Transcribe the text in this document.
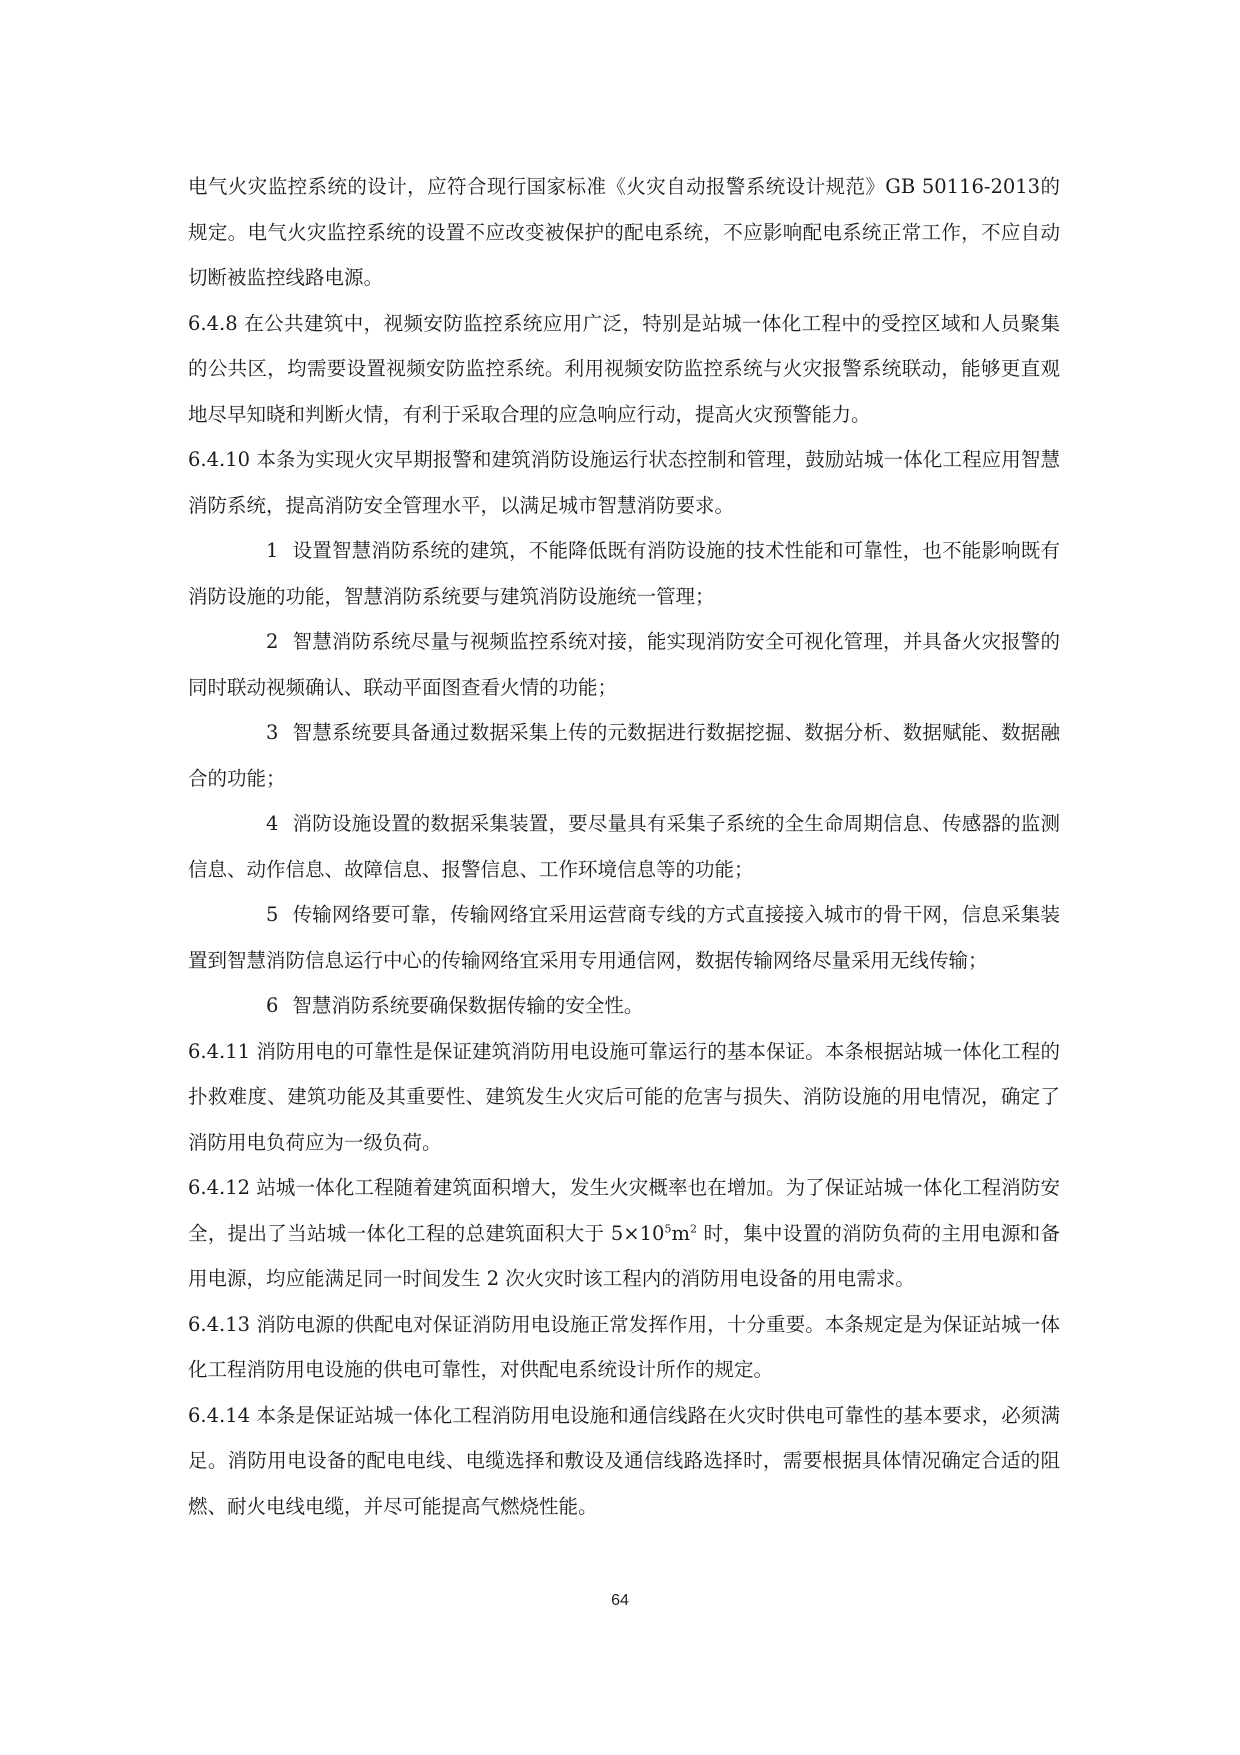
电气火灾监控系统的设计，应符合现行国家标准《火灾自动报警系统设计规范》GB 50116-2013的规定。电气火灾监控系统的设置不应改变被保护的配电系统，不应影响配电系统正常工作，不应自动切断被监控线路电源。

6.4.8 在公共建筑中，视频安防监控系统应用广泛，特别是站城一体化工程中的受控区域和人员聚集的公共区，均需要设置视频安防监控系统。利用视频安防监控系统与火灾报警系统联动，能够更直观地尽早知晓和判断火情，有利于采取合理的应急响应行动，提高火灾预警能力。

6.4.10 本条为实现火灾早期报警和建筑消防设施运行状态控制和管理，鼓励站城一体化工程应用智慧消防系统，提高消防安全管理水平，以满足城市智慧消防要求。

1 设置智慧消防系统的建筑，不能降低既有消防设施的技术性能和可靠性，也不能影响既有消防设施的功能，智慧消防系统要与建筑消防设施统一管理；

2 智慧消防系统尽量与视频监控系统对接，能实现消防安全可视化管理，并具备火灾报警的同时联动视频确认、联动平面图查看火情的功能；

3 智慧系统要具备通过数据采集上传的元数据进行数据挖掘、数据分析、数据赋能、数据融合的功能；

4 消防设施设置的数据采集装置，要尽量具有采集子系统的全生命周期信息、传感器的监测信息、动作信息、故障信息、报警信息、工作环境信息等的功能；

5 传输网络要可靠，传输网络宜采用运营商专线的方式直接接入城市的骨干网，信息采集装置到智慧消防信息运行中心的传输网络宜采用专用通信网，数据传输网络尽量采用无线传输；

6 智慧消防系统要确保数据传输的安全性。

6.4.11 消防用电的可靠性是保证建筑消防用电设施可靠运行的基本保证。本条根据站城一体化工程的扑救难度、建筑功能及其重要性、建筑发生火灾后可能的危害与损失、消防设施的用电情况，确定了消防用电负荷应为一级负荷。

6.4.12 站城一体化工程随着建筑面积增大，发生火灾概率也在增加。为了保证站城一体化工程消防安全，提出了当站城一体化工程的总建筑面积大于 $5\times 10^5m^2$ 时，集中设置的消防负荷的主用电源和备用电源，均应能满足同一时间发生 2 次火灾时该工程内的消防用电设备的用电需求。

6.4.13 消防电源的供配电对保证消防用电设施正常发挥作用，十分重要。本条规定是为保证站城一体化工程消防用电设施的供电可靠性，对供配电系统设计所作的规定。

6.4.14 本条是保证站城一体化工程消防用电设施和通信线路在火灾时供电可靠性的基本要求，必须满足。消防用电设备的配电电线、电缆选择和敷设及通信线路选择时，需要根据具体情况确定合适的阻燃、耐火电线电缆，并尽可能提高气燃烧性能。

64
